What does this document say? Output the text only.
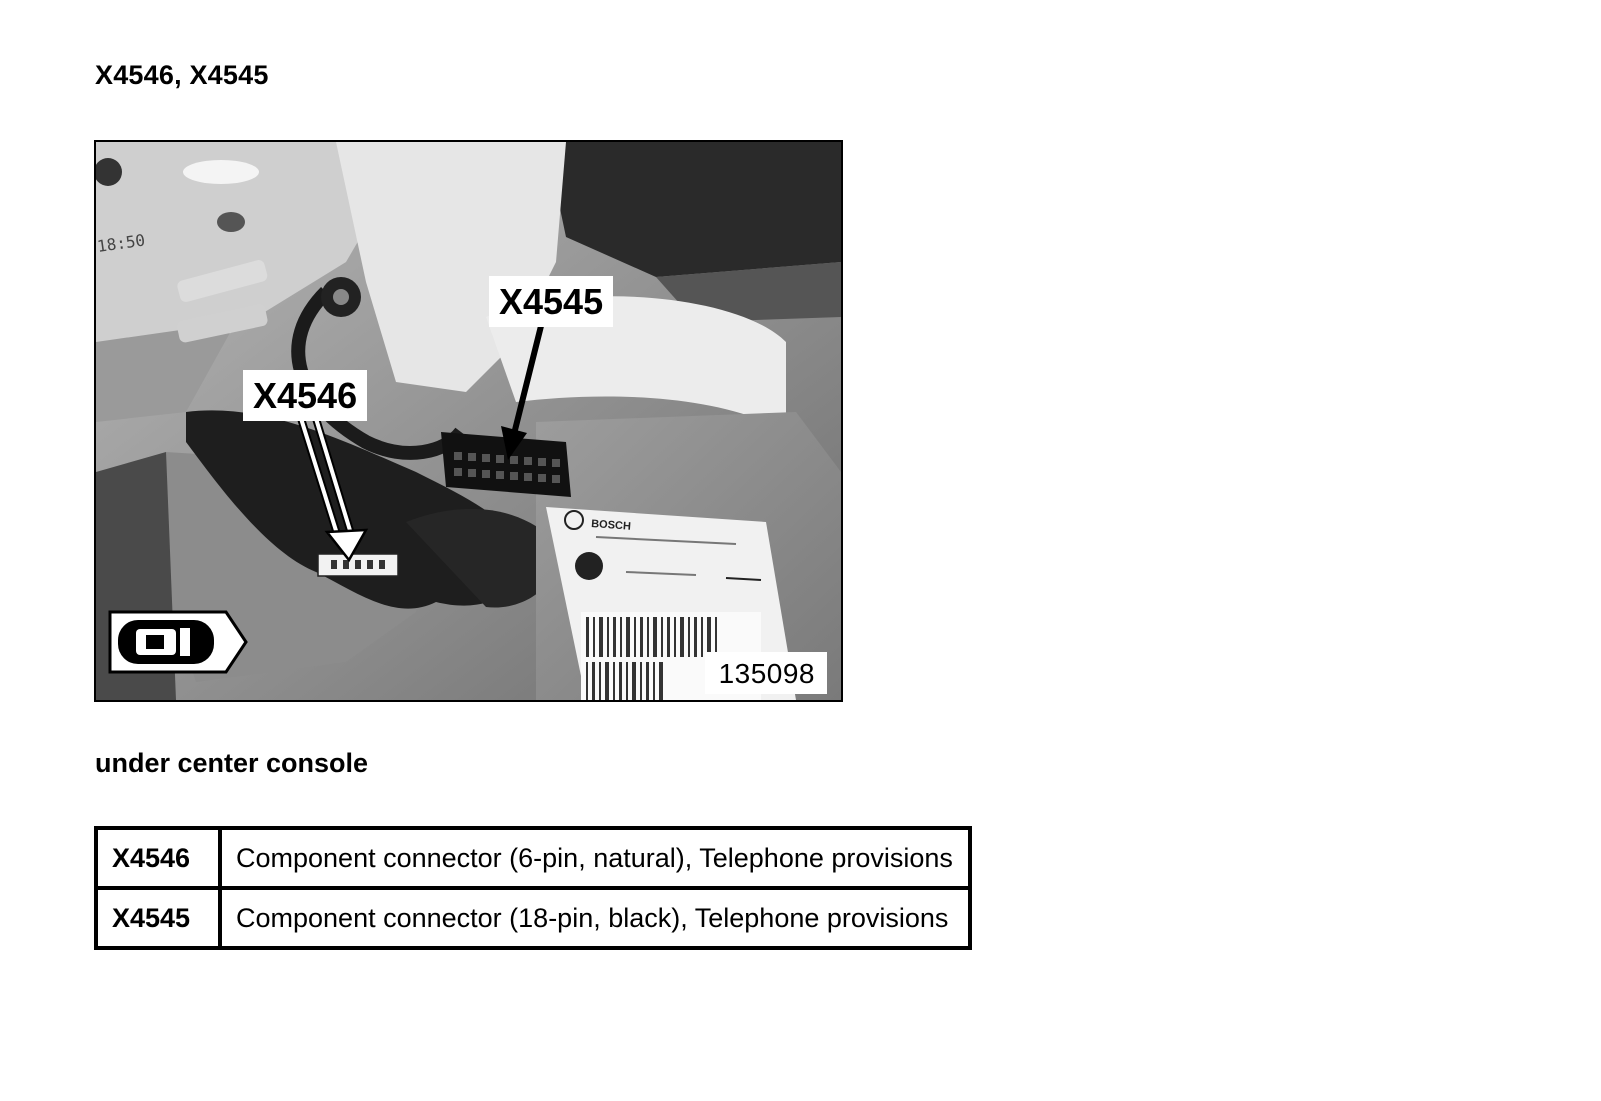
X4546, X4545
18:50
BOSCH
X4545
X4546
135098
under center console
X4546	Component connector (6-pin, natural), Telephone provisions
X4545	Component connector (18-pin, black), Telephone provisions
